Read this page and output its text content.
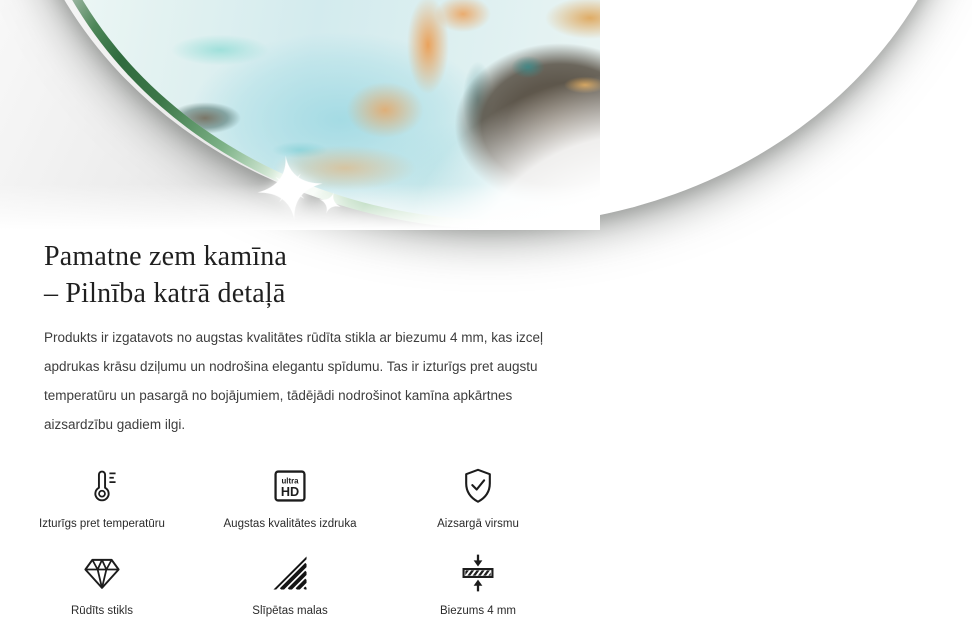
Pamatne zem kamīna
– Pilnība katrā detaļā
Produkts ir izgatavots no augstas kvalitātes rūdīta stikla ar biezumu 4 mm, kas izceļ apdrukas krāsu dziļumu un nodrošina elegantu spīdumu. Tas ir izturīgs pret augstu temperatūru un pasargā no bojājumiem, tādējādi nodrošinot kamīna apkārtnes aizsardzību gadiem ilgi.
Izturīgs pret temperatūru
ultra
HD
Augstas kvalitātes izdruka	Aizsargā virsmu
Rūdīts stikls	Slīpētas malas	Biezums 4 mm
